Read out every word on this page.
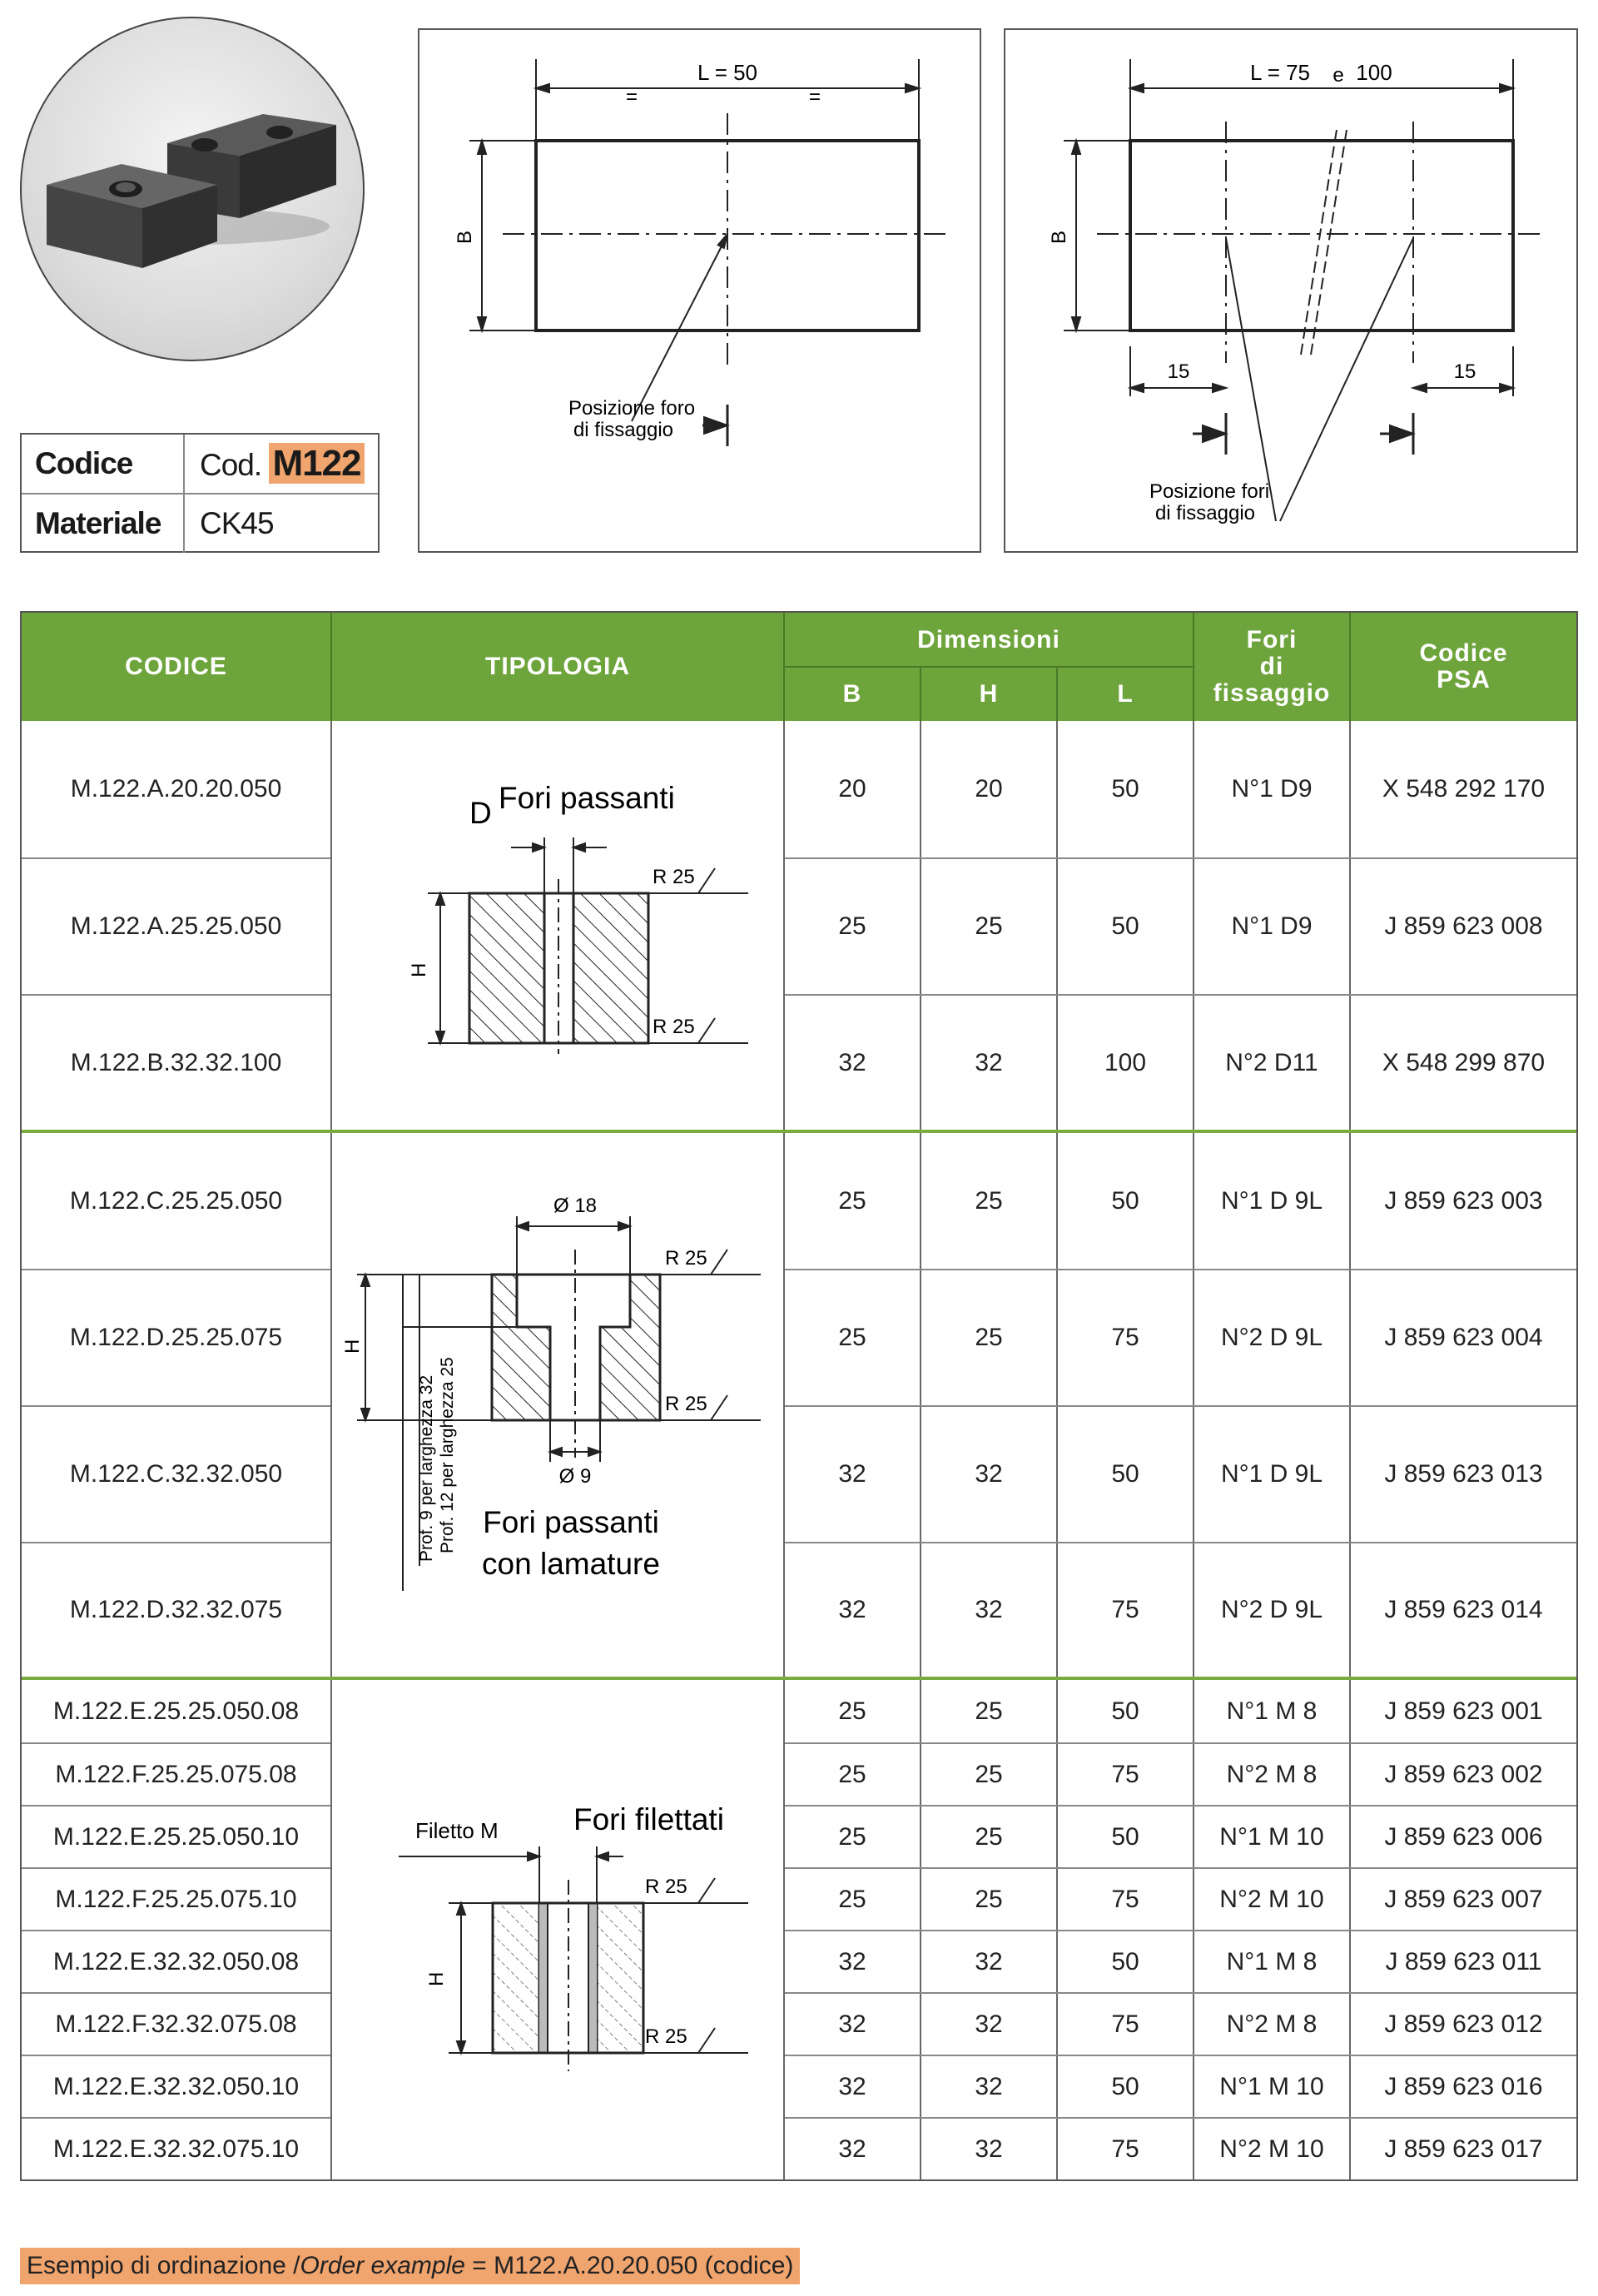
Codice	Cod. M122
Materiale	CK45
L = 50
=	=
B
Posizione foro
di fissaggio
L = 75 e 100
B
15	15
Posizione fori
di fissaggio
CODICE	TIPOLOGIA
Dimensioni
B	H	L
Fori
di
fissaggio
Codice
PSA
M.122.A.20.20.050	20	20	50	N°1 D9	X 548 292 170
M.122.A.25.25.050	25	25	50	N°1 D9	J 859 623 008
M.122.B.32.32.100	32	32	100	N°2 D11	X 548 299 870
Fori passanti
D
H
R 25
R 25
M.122.C.25.25.050	25	25	50	N°1 D 9L	J 859 623 003
M.122.D.25.25.075	25	25	75	N°2 D 9L	J 859 623 004
M.122.C.32.32.050	32	32	50	N°1 D 9L	J 859 623 013
M.122.D.32.32.075	32	32	75	N°2 D 9L	J 859 623 014
Ø 18
Ø 9
H
R 25
R 25
Prof. 9 per larghezza 32 Prof. 12 per larghezza 25 Fori passanti
con lamature
M.122.E.25.25.050.08	25	25	50	N°1 M 8	J 859 623 001
M.122.F.25.25.075.08	25	25	75	N°2 M 8	J 859 623 002
M.122.E.25.25.050.10	25	25	50	N°1 M 10	J 859 623 006
M.122.F.25.25.075.10	25	25	75	N°2 M 10	J 859 623 007
M.122.E.32.32.050.08	32	32	50	N°1 M 8	J 859 623 011
M.122.F.32.32.075.08	32	32	75	N°2 M 8	J 859 623 012
M.122.E.32.32.050.10	32	32	50	N°1 M 10	J 859 623 016
M.122.E.32.32.075.10	32	32	75	N°2 M 10	J 859 623 017
Fori filettati
Filetto M
H
R 25
R 25
Esempio di ordinazione /Order example = M122.A.20.20.050 (codice)
